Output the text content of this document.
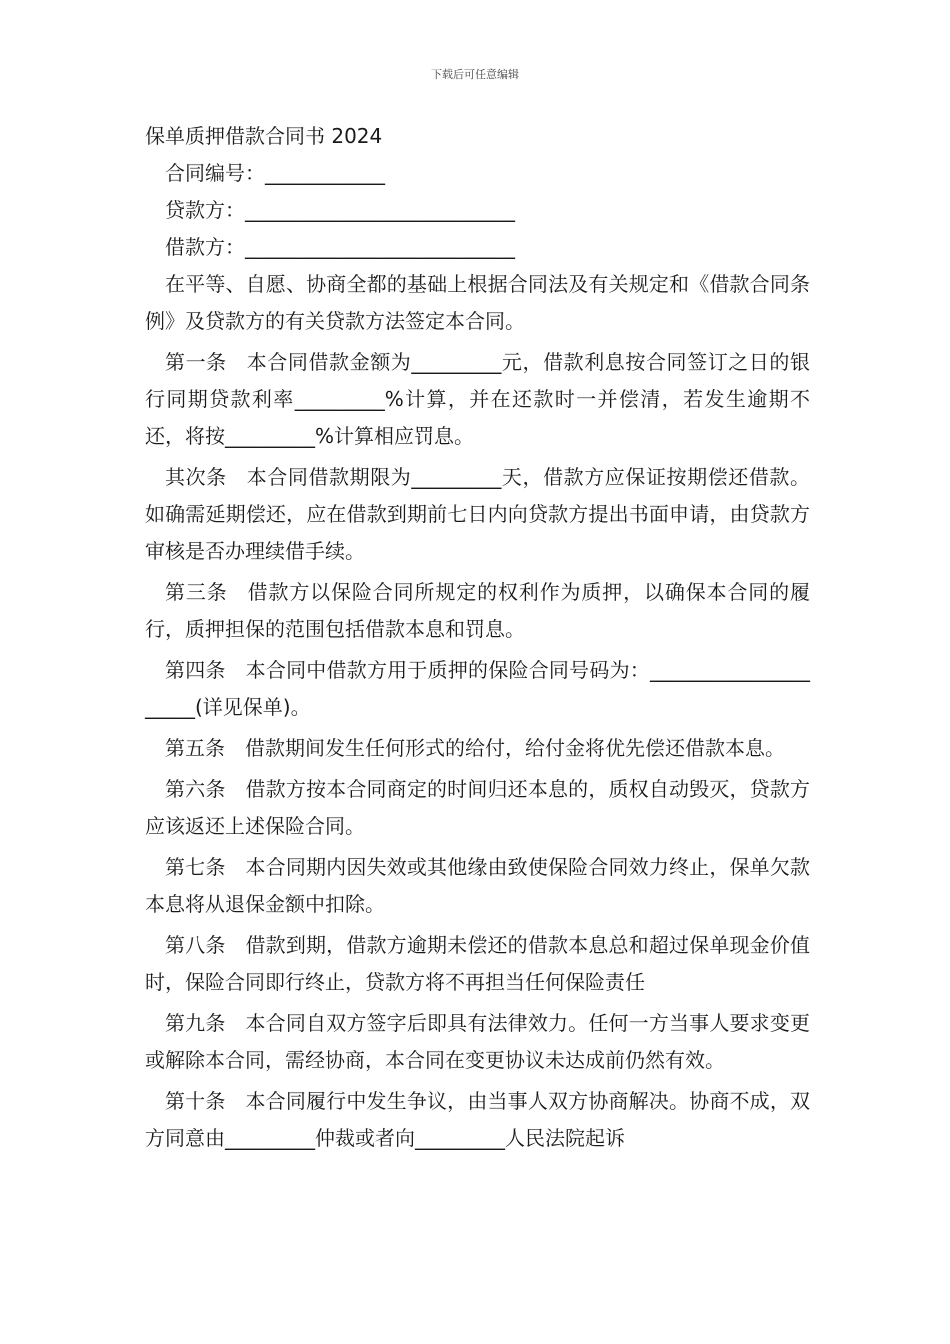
下载后可任意编辑

保单质押借款合同书 2024

合同编号：____________

贷款方：___________________________

借款方：___________________________

在平等、自愿、协商全都的基础上根据合同法及有关规定和《借款合同条例》及贷款方的有关贷款方法签定本合同。

第一条 本合同借款金额为_________元，借款利息按合同签订之日的银行同期贷款利率_________%计算，并在还款时一并偿清，若发生逾期不还，将按_________%计算相应罚息。

其次条 本合同借款期限为_________天，借款方应保证按期偿还借款。如确需延期偿还，应在借款到期前七日内向贷款方提出书面申请，由贷款方审核是否办理续借手续。

第三条 借款方以保险合同所规定的权利作为质押，以确保本合同的履行，质押担保的范围包括借款本息和罚息。

第四条 本合同中借款方用于质押的保险合同号码为：_____________________(详见保单)。

第五条 借款期间发生任何形式的给付，给付金将优先偿还借款本息。

第六条 借款方按本合同商定的时间归还本息的，质权自动毁灭，贷款方应该返还上述保险合同。

第七条 本合同期内因失效或其他缘由致使保险合同效力终止，保单欠款本息将从退保金额中扣除。

第八条 借款到期，借款方逾期未偿还的借款本息总和超过保单现金价值时，保险合同即行终止，贷款方将不再担当任何保险责任

第九条 本合同自双方签字后即具有法律效力。任何一方当事人要求变更或解除本合同，需经协商，本合同在变更协议未达成前仍然有效。

第十条 本合同履行中发生争议，由当事人双方协商解决。协商不成，双方同意由_________仲裁或者向_________人民法院起诉
